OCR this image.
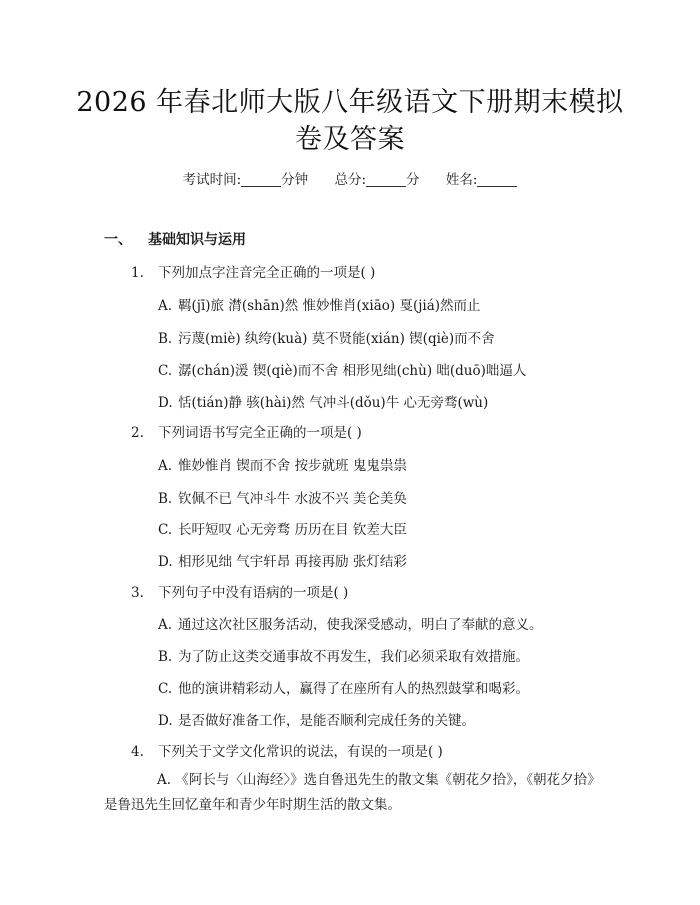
2026 年春北师大版八年级语文下册期末模拟
卷及答案
考试时间:	分钟 总分:	分 姓名:
一、 基础知识与运用
1. 下列加点字注音完全正确的一项是( )
A. 羁(jī)旅 潸(shān)然 惟妙惟肖(xiāo) 戛(jiá)然而止
B. 污蔑(miè) 纨绔(kuà) 莫不贤能(xián) 锲(qiè)而不舍
C. 潺(chán)湲 锲(qiè)而不舍 相形见绌(chù) 咄(duō)咄逼人
D. 恬(tián)静 骇(hài)然 气冲斗(dǒu)牛 心无旁骛(wù)
2. 下列词语书写完全正确的一项是( )
A. 惟妙惟肖 锲而不舍 按步就班 鬼鬼祟祟
B. 钦佩不已 气冲斗牛 水波不兴 美仑美奂
C. 长吁短叹 心无旁骛 历历在目 钦差大臣
D. 相形见绌 气宇轩昂 再接再励 张灯结彩
3. 下列句子中没有语病的一项是( )
A. 通过这次社区服务活动，使我深受感动，明白了奉献的意义。
B. 为了防止这类交通事故不再发生，我们必须采取有效措施。
C. 他的演讲精彩动人，赢得了在座所有人的热烈鼓掌和喝彩。
D. 是否做好准备工作，是能否顺利完成任务的关键。
4. 下列关于文学文化常识的说法，有误的一项是( )
A. 《阿长与〈山海经〉》选自鲁迅先生的散文集《朝花夕拾》，《朝花夕拾》是鲁迅先生回忆童年和青少年时期生活的散文集。
